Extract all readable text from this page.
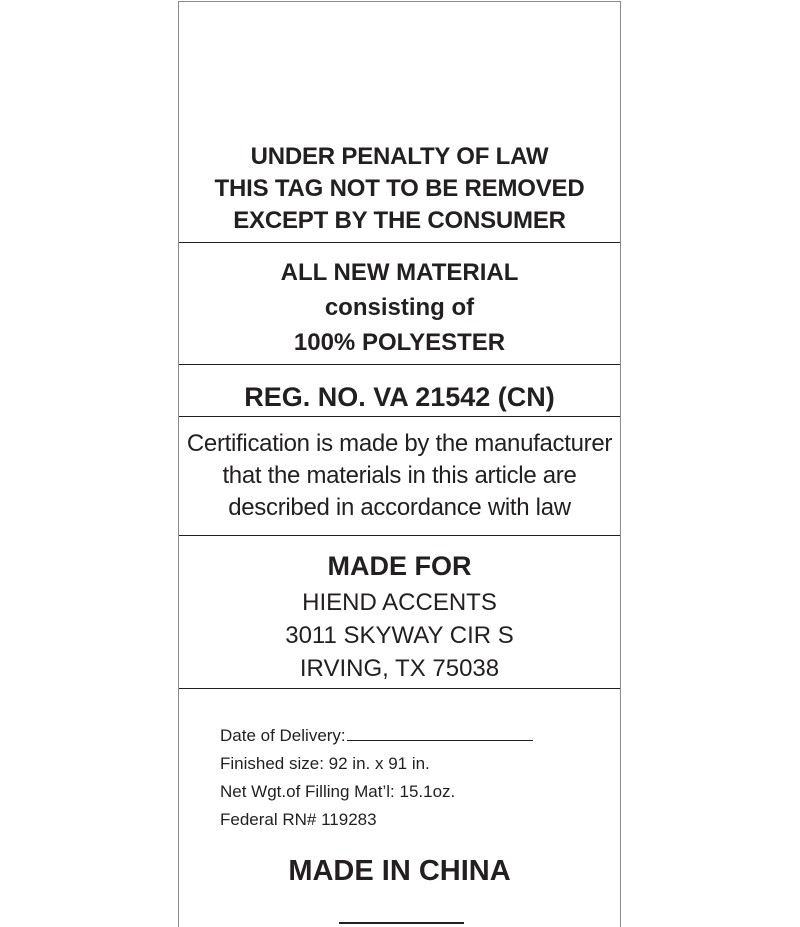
UNDER PENALTY OF LAW
THIS TAG NOT TO BE REMOVED
EXCEPT BY THE CONSUMER
ALL NEW MATERIAL
consisting of
100% POLYESTER
REG. NO. VA 21542 (CN)
Certification is made by the manufacturer
that the materials in this article are
described in accordance with law
MADE FOR
HIEND ACCENTS
3011 SKYWAY CIR S
IRVING, TX 75038
Date of Delivery:
Finished size: 92 in. x 91 in.
Net Wgt.of Filling Mat’l: 15.1oz.
Federal RN# 119283
MADE IN CHINA
